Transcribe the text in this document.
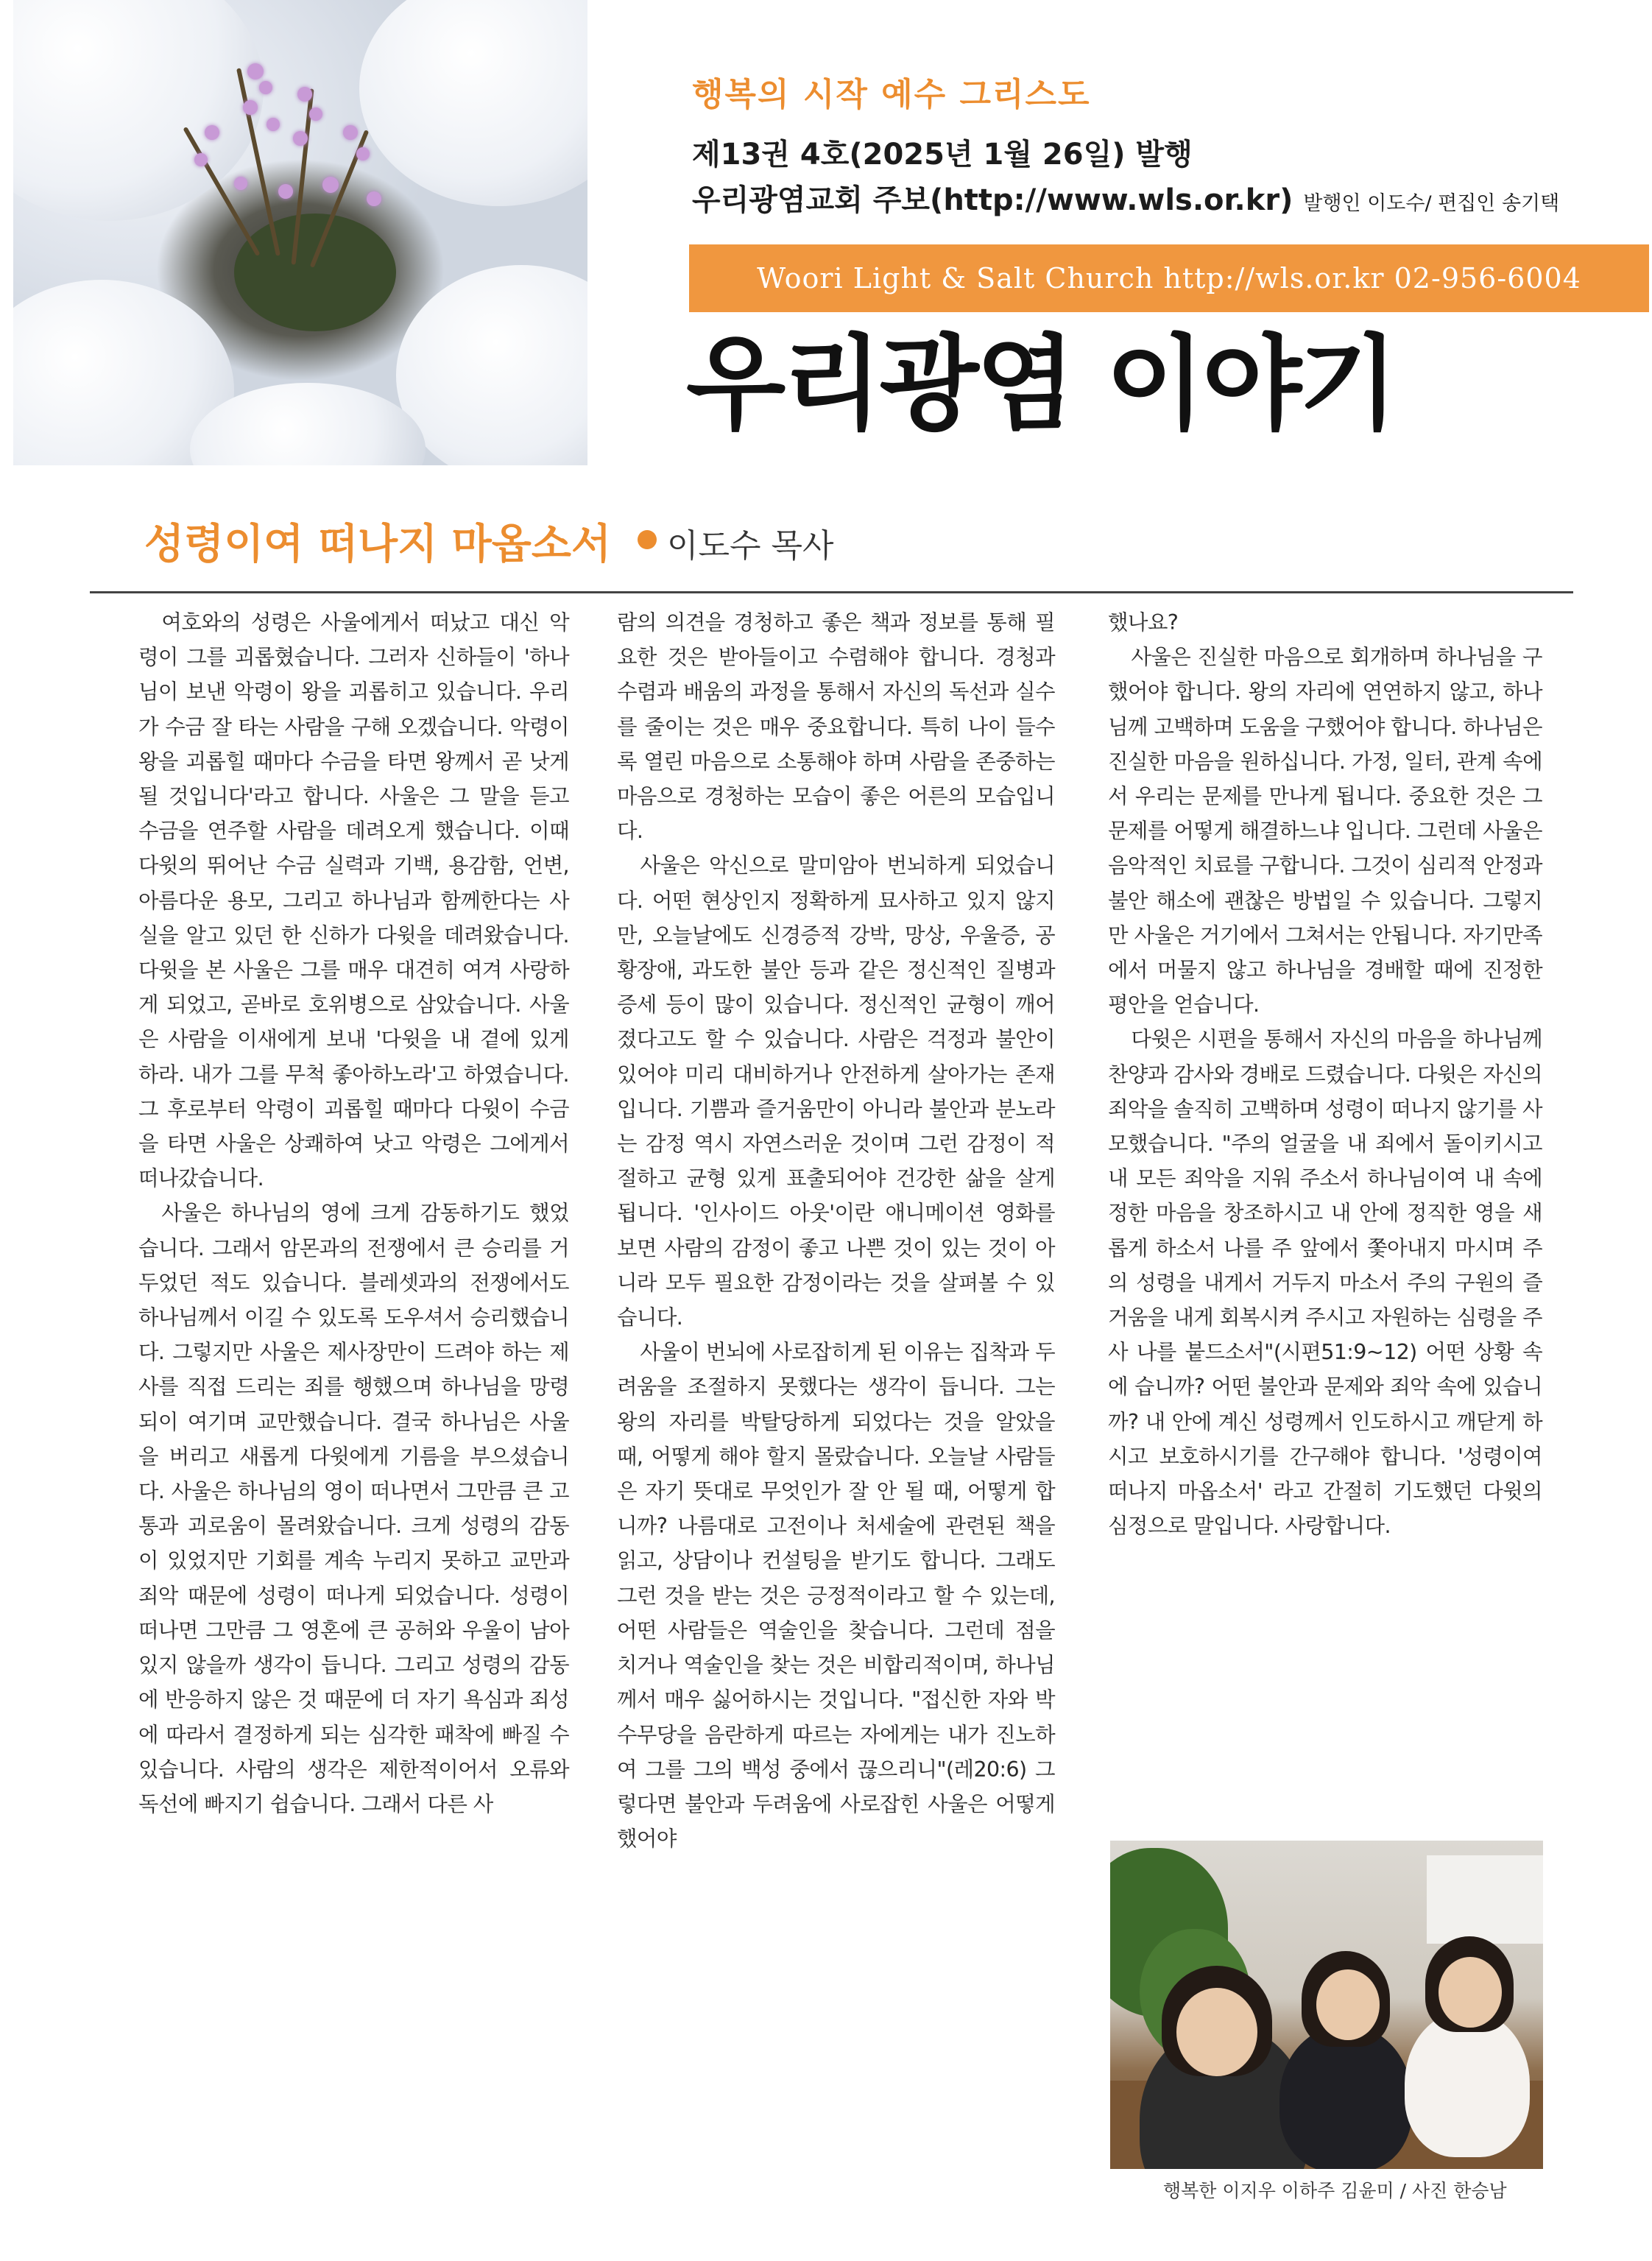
행복의 시작 예수 그리스도
제13권 4호(2025년 1월 26일) 발행
우리광염교회 주보(http://www.wls.or.kr) 발행인 이도수/ 편집인 송기택
Woori Light & Salt Church http://wls.or.kr 02-956-6004
우리광염 이야기
성령이여 떠나지 마옵소서 이도수 목사

여호와의 성령은 사울에게서 떠났고 대신 악령이 그를 괴롭혔습니다. 그러자 신하들이 '하나님이 보낸 악령이 왕을 괴롭히고 있습니다. 우리가 수금 잘 타는 사람을 구해 오겠습니다. 악령이 왕을 괴롭힐 때마다 수금을 타면 왕께서 곧 낫게 될 것입니다'라고 합니다. 사울은 그 말을 듣고 수금을 연주할 사람을 데려오게 했습니다. 이때 다윗의 뛰어난 수금 실력과 기백, 용감함, 언변, 아름다운 용모, 그리고 하나님과 함께한다는 사실을 알고 있던 한 신하가 다윗을 데려왔습니다. 다윗을 본 사울은 그를 매우 대견히 여겨 사랑하게 되었고, 곧바로 호위병으로 삼았습니다. 사울은 사람을 이새에게 보내 '다윗을 내 곁에 있게 하라. 내가 그를 무척 좋아하노라'고 하였습니다. 그 후로부터 악령이 괴롭힐 때마다 다윗이 수금을 타면 사울은 상쾌하여 낫고 악령은 그에게서 떠나갔습니다.

사울은 하나님의 영에 크게 감동하기도 했었습니다. 그래서 암몬과의 전쟁에서 큰 승리를 거두었던 적도 있습니다. 블레셋과의 전쟁에서도 하나님께서 이길 수 있도록 도우셔서 승리했습니다. 그렇지만 사울은 제사장만이 드려야 하는 제사를 직접 드리는 죄를 행했으며 하나님을 망령되이 여기며 교만했습니다. 결국 하나님은 사울을 버리고 새롭게 다윗에게 기름을 부으셨습니다. 사울은 하나님의 영이 떠나면서 그만큼 큰 고통과 괴로움이 몰려왔습니다. 크게 성령의 감동이 있었지만 기회를 계속 누리지 못하고 교만과 죄악 때문에 성령이 떠나게 되었습니다. 성령이 떠나면 그만큼 그 영혼에 큰 공허와 우울이 남아있지 않을까 생각이 듭니다. 그리고 성령의 감동에 반응하지 않은 것 때문에 더 자기 욕심과 죄성에 따라서 결정하게 되는 심각한 패착에 빠질 수 있습니다. 사람의 생각은 제한적이어서 오류와 독선에 빠지기 쉽습니다. 그래서 다른 사

람의 의견을 경청하고 좋은 책과 정보를 통해 필요한 것은 받아들이고 수렴해야 합니다. 경청과 수렴과 배움의 과정을 통해서 자신의 독선과 실수를 줄이는 것은 매우 중요합니다. 특히 나이 들수록 열린 마음으로 소통해야 하며 사람을 존중하는 마음으로 경청하는 모습이 좋은 어른의 모습입니다.

사울은 악신으로 말미암아 번뇌하게 되었습니다. 어떤 현상인지 정확하게 묘사하고 있지 않지만, 오늘날에도 신경증적 강박, 망상, 우울증, 공황장애, 과도한 불안 등과 같은 정신적인 질병과 증세 등이 많이 있습니다. 정신적인 균형이 깨어졌다고도 할 수 있습니다. 사람은 걱정과 불안이 있어야 미리 대비하거나 안전하게 살아가는 존재입니다. 기쁨과 즐거움만이 아니라 불안과 분노라는 감정 역시 자연스러운 것이며 그런 감정이 적절하고 균형 있게 표출되어야 건강한 삶을 살게 됩니다. '인사이드 아웃'이란 애니메이션 영화를 보면 사람의 감정이 좋고 나쁜 것이 있는 것이 아니라 모두 필요한 감정이라는 것을 살펴볼 수 있습니다.

사울이 번뇌에 사로잡히게 된 이유는 집착과 두려움을 조절하지 못했다는 생각이 듭니다. 그는 왕의 자리를 박탈당하게 되었다는 것을 알았을 때, 어떻게 해야 할지 몰랐습니다. 오늘날 사람들은 자기 뜻대로 무엇인가 잘 안 될 때, 어떻게 합니까? 나름대로 고전이나 처세술에 관련된 책을 읽고, 상담이나 컨설팅을 받기도 합니다. 그래도 그런 것을 받는 것은 긍정적이라고 할 수 있는데, 어떤 사람들은 역술인을 찾습니다. 그런데 점을 치거나 역술인을 찾는 것은 비합리적이며, 하나님께서 매우 싫어하시는 것입니다. "접신한 자와 박수무당을 음란하게 따르는 자에게는 내가 진노하여 그를 그의 백성 중에서 끊으리니"(레20:6) 그렇다면 불안과 두려움에 사로잡힌 사울은 어떻게 했어야

했나요?

사울은 진실한 마음으로 회개하며 하나님을 구했어야 합니다. 왕의 자리에 연연하지 않고, 하나님께 고백하며 도움을 구했어야 합니다. 하나님은 진실한 마음을 원하십니다. 가정, 일터, 관계 속에서 우리는 문제를 만나게 됩니다. 중요한 것은 그 문제를 어떻게 해결하느냐 입니다. 그런데 사울은 음악적인 치료를 구합니다. 그것이 심리적 안정과 불안 해소에 괜찮은 방법일 수 있습니다. 그렇지만 사울은 거기에서 그쳐서는 안됩니다. 자기만족에서 머물지 않고 하나님을 경배할 때에 진정한 평안을 얻습니다.

다윗은 시편을 통해서 자신의 마음을 하나님께 찬양과 감사와 경배로 드렸습니다. 다윗은 자신의 죄악을 솔직히 고백하며 성령이 떠나지 않기를 사모했습니다. "주의 얼굴을 내 죄에서 돌이키시고 내 모든 죄악을 지워 주소서 하나님이여 내 속에 정한 마음을 창조하시고 내 안에 정직한 영을 새롭게 하소서 나를 주 앞에서 쫓아내지 마시며 주의 성령을 내게서 거두지 마소서 주의 구원의 즐거움을 내게 회복시켜 주시고 자원하는 심령을 주사 나를 붙드소서"(시편51:9~12) 어떤 상황 속에 습니까? 어떤 불안과 문제와 죄악 속에 있습니까? 내 안에 계신 성령께서 인도하시고 깨닫게 하시고 보호하시기를 간구해야 합니다. '성령이여 떠나지 마옵소서' 라고 간절히 기도했던 다윗의 심정으로 말입니다. 사랑합니다.

행복한 이지우 이하주 김윤미 / 사진 한승남
